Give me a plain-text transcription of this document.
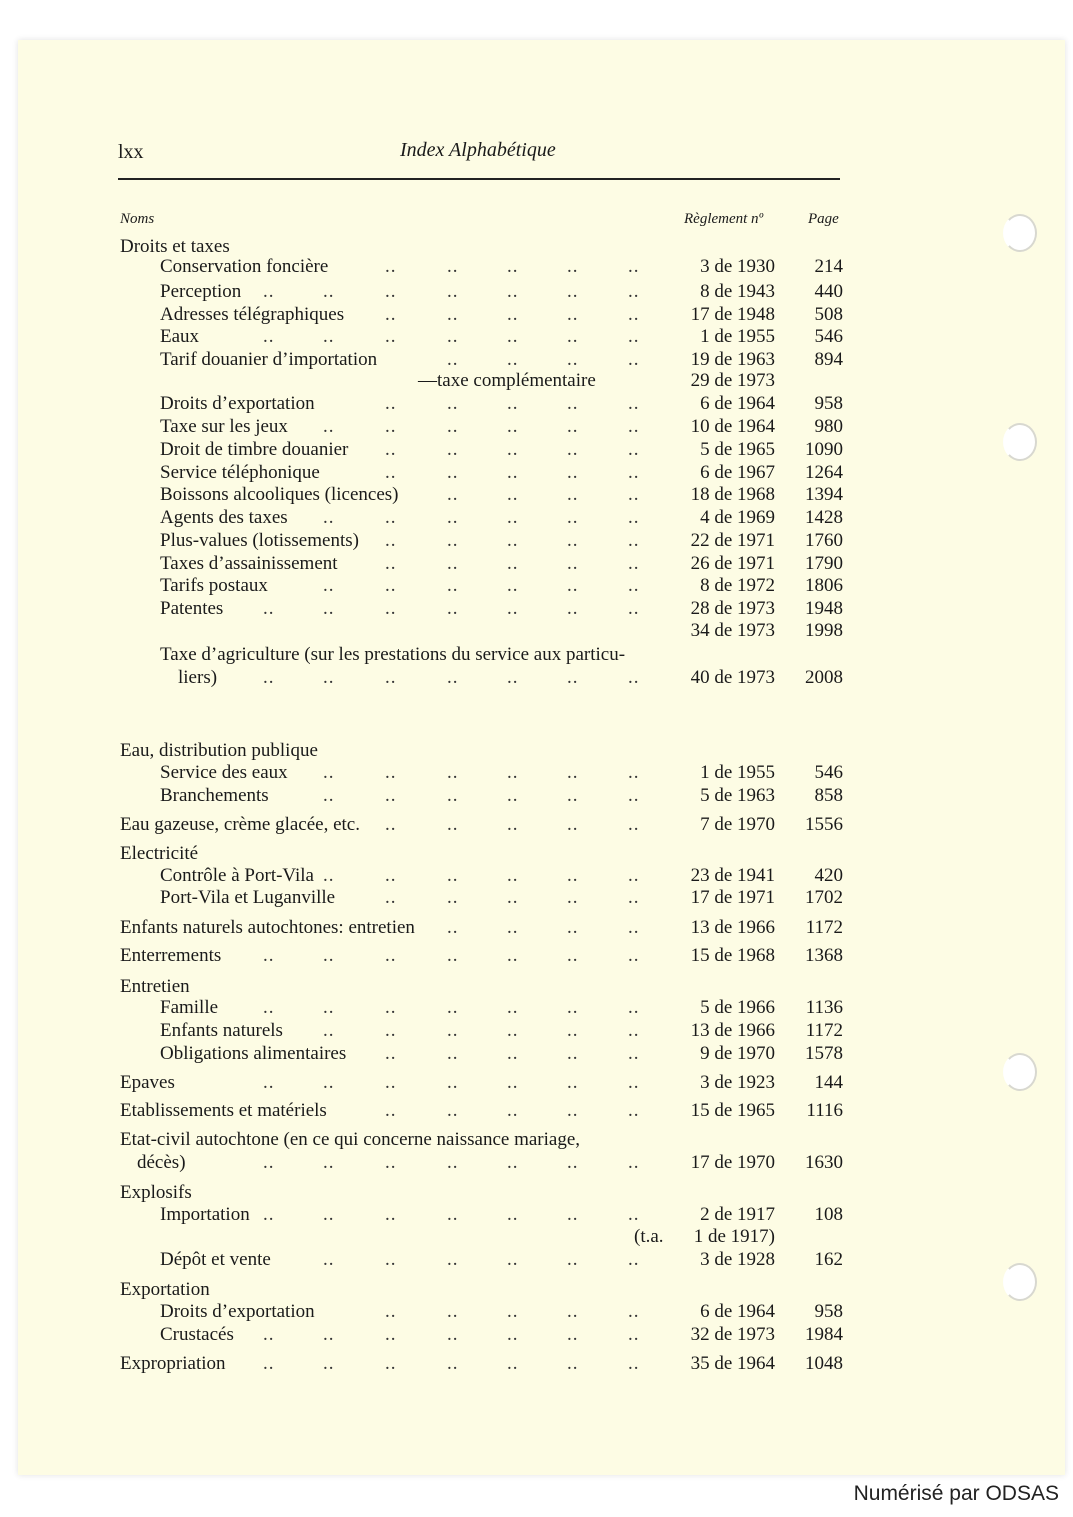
lxx	Index Alphabétique
Noms	Règlement nº	Page
Droits et taxes
Conservation foncière	3 de 1930 214
..	..	..	..	..
Perception	8 de 1943 440
..	..	..	..	..	..	..
Adresses télégraphiques	17 de 1948 508
..	..	..	..	..
Eaux	1 de 1955 546
..	..	..	..	..	..	..
Tarif douanier d’importation	19 de 1963 894
..	..	..	..
—taxe complémentaire	29 de 1973
Droits d’exportation	6 de 1964 958
..	..	..	..	..
Taxe sur les jeux	10 de 1964 980
..	..	..	..	..	..
Droit de timbre douanier	5 de 1965 1090
..	..	..	..	..
Service téléphonique	6 de 1967 1264
..	..	..	..	..
Boissons alcooliques (licences)	18 de 1968 1394
..	..	..	..
Agents des taxes	4 de 1969 1428
..	..	..	..	..	..
Plus-values (lotissements)	22 de 1971 1760
..	..	..	..	..
Taxes d’assainissement	26 de 1971 1790
..	..	..	..	..
Tarifs postaux	8 de 1972 1806
..	..	..	..	..	..
Patentes	28 de 1973 1948
..	..	..	..	..	..	..
34 de 1973 1998
Taxe d’agriculture (sur les prestations du service aux particu-
liers)	40 de 1973 2008
..	..	..	..	..	..	..
Eau, distribution publique
Service des eaux	1 de 1955 546
..	..	..	..	..	..
Branchements	5 de 1963 858
..	..	..	..	..	..
Eau gazeuse, crème glacée, etc.	7 de 1970 1556
..	..	..	..	..
Electricité
Contrôle à Port-Vila	23 de 1941 420
..	..	..	..	..	..
Port-Vila et Luganville	17 de 1971 1702
..	..	..	..	..
Enfants naturels autochtones: entretien	13 de 1966 1172
..	..	..	..
Enterrements	15 de 1968 1368
..	..	..	..	..	..	..
Entretien
Famille	5 de 1966 1136
..	..	..	..	..	..	..
Enfants naturels	13 de 1966 1172
..	..	..	..	..	..
Obligations alimentaires	9 de 1970 1578
..	..	..	..	..
Epaves	3 de 1923 144
..	..	..	..	..	..	..
Etablissements et matériels	15 de 1965 1116
..	..	..	..	..
Etat-civil autochtone (en ce qui concerne naissance mariage,
décès)	17 de 1970 1630
..	..	..	..	..	..	..
Explosifs
Importation	2 de 1917 108
..	..	..	..	..	..	..
(t.a. 1 de 1917)
Dépôt et vente	3 de 1928 162
..	..	..	..	..	..
Exportation
Droits d’exportation	6 de 1964 958
..	..	..	..	..
Crustacés	32 de 1973 1984
..	..	..	..	..	..	..
Expropriation	35 de 1964 1048
..	..	..	..	..	..	..
Numérisé par ODSAS
